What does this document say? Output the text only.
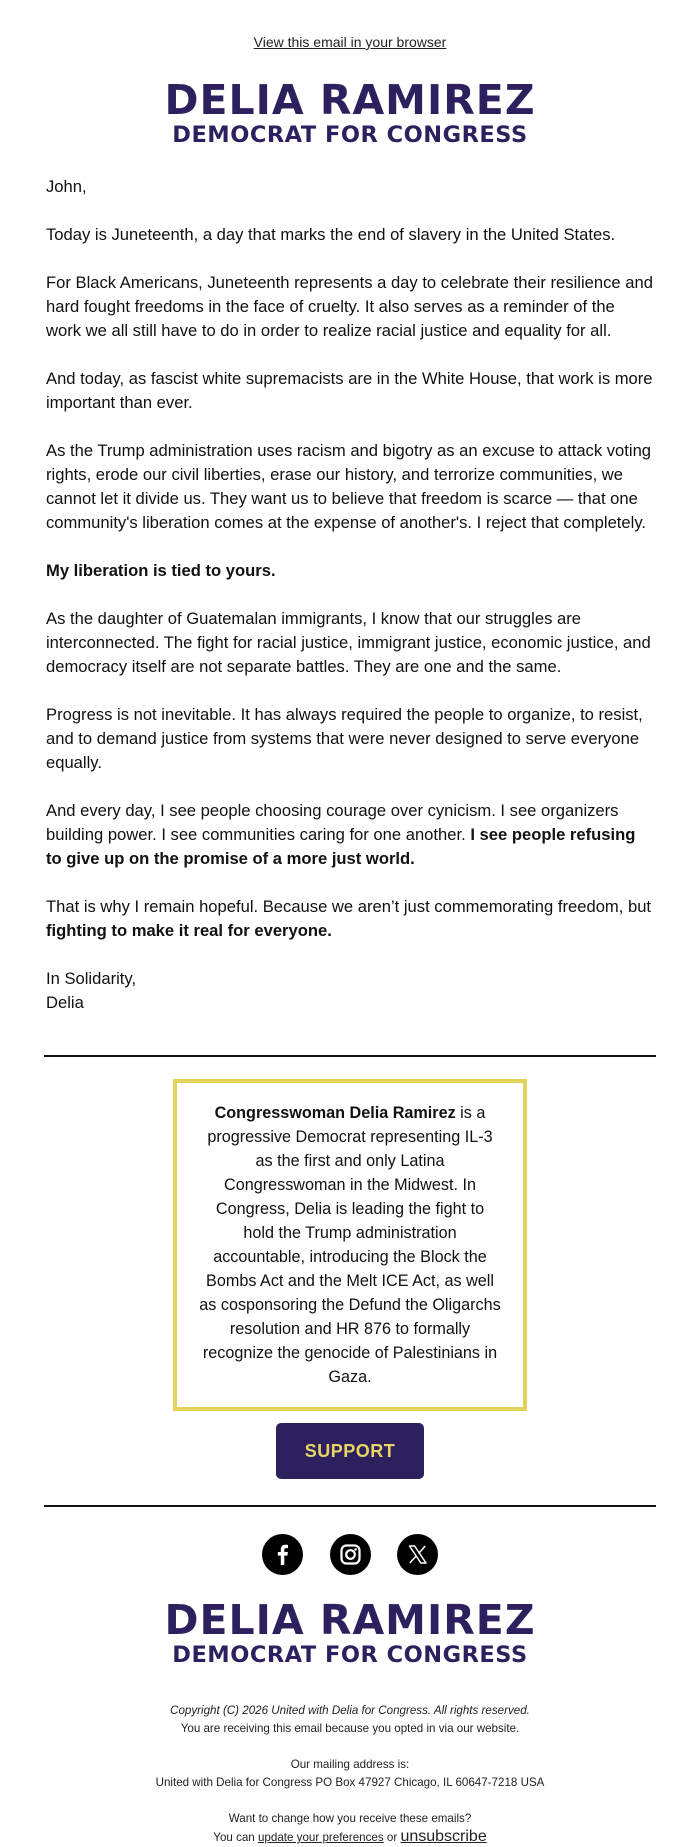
View this email in your browser
DELIA RAMIREZ
DEMOCRAT FOR CONGRESS

John,

Today is Juneteenth, a day that marks the end of slavery in the United States.

For Black Americans, Juneteenth represents a day to celebrate their resilience and hard fought freedoms in the face of cruelty. It also serves as a reminder of the work we all still have to do in order to realize racial justice and equality for all.

And today, as fascist white supremacists are in the White House, that work is more important than ever.

As the Trump administration uses racism and bigotry as an excuse to attack voting rights, erode our civil liberties, erase our history, and terrorize communities, we cannot let it divide us. They want us to believe that freedom is scarce — that one community's liberation comes at the expense of another's. I reject that completely.

My liberation is tied to yours.

As the daughter of Guatemalan immigrants, I know that our struggles are interconnected. The fight for racial justice, immigrant justice, economic justice, and democracy itself are not separate battles. They are one and the same.

Progress is not inevitable. It has always required the people to organize, to resist, and to demand justice from systems that were never designed to serve everyone equally.

And every day, I see people choosing courage over cynicism. I see organizers building power. I see communities caring for one another. I see people refusing to give up on the promise of a more just world.

That is why I remain hopeful. Because we aren’t just commemorating freedom, but fighting to make it real for everyone.

In Solidarity,
Delia

Congresswoman Delia Ramirez is a progressive Democrat representing IL-3 as the first and only Latina Congresswoman in the Midwest. In Congress, Delia is leading the fight to hold the Trump administration accountable, introducing the Block the Bombs Act and the Melt ICE Act, as well as cosponsoring the Defund the Oligarchs resolution and HR 876 to formally recognize the genocide of Palestinians in Gaza.
SUPPORT

DELIA RAMIREZ
DEMOCRAT FOR CONGRESS
Copyright (C) 2026 United with Delia for Congress. All rights reserved.
You are receiving this email because you opted in via our website.
Our mailing address is:
United with Delia for Congress PO Box 47927 Chicago, IL 60647-7218 USA
Want to change how you receive these emails?
You can update your preferences or unsubscribe
